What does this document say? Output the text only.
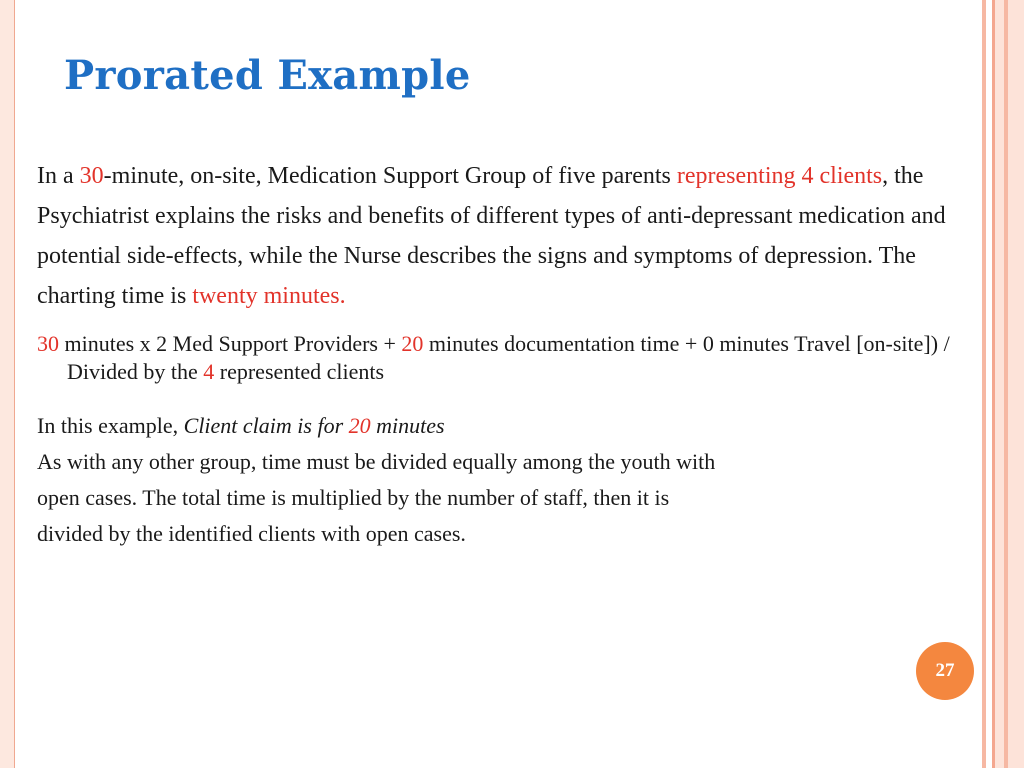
Prorated Example

In a 30-minute, on-site, Medication Support Group of five parents representing 4 clients, the Psychiatrist explains the risks and benefits of different types of anti-depressant medication and potential side-effects, while the Nurse describes the signs and symptoms of depression. The charting time is twenty minutes.

30 minutes x 2 Med Support Providers + 20 minutes documentation time + 0 minutes Travel [on-site]) / Divided by the 4 represented clients

In this example, Client claim is for 20 minutes

As with any other group, time must be divided equally among the youth with

open cases. The total time is multiplied by the number of staff, then it is

divided by the identified clients with open cases.

27
